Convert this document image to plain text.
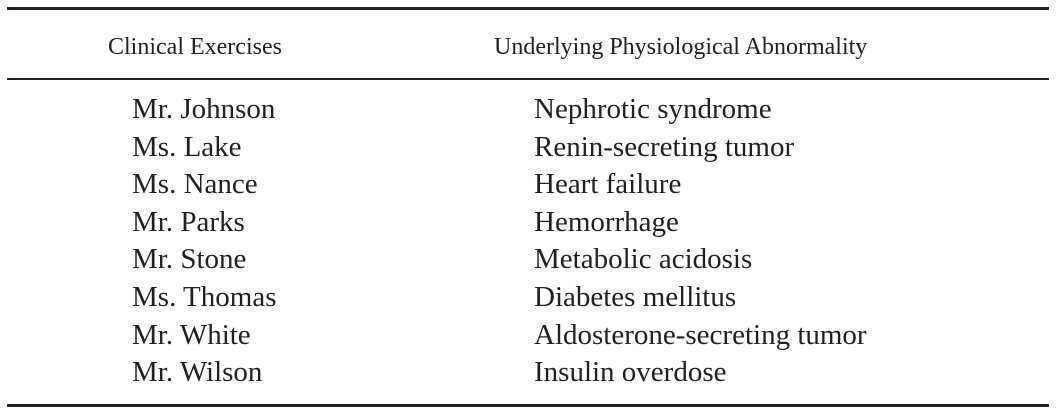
Clinical Exercises	Underlying Physiological Abnormality
Mr. Johnson	Nephrotic syndrome
Ms. Lake	Renin-secreting tumor
Ms. Nance	Heart failure
Mr. Parks	Hemorrhage
Mr. Stone	Metabolic acidosis
Ms. Thomas	Diabetes mellitus
Mr. White	Aldosterone-secreting tumor
Mr. Wilson	Insulin overdose
